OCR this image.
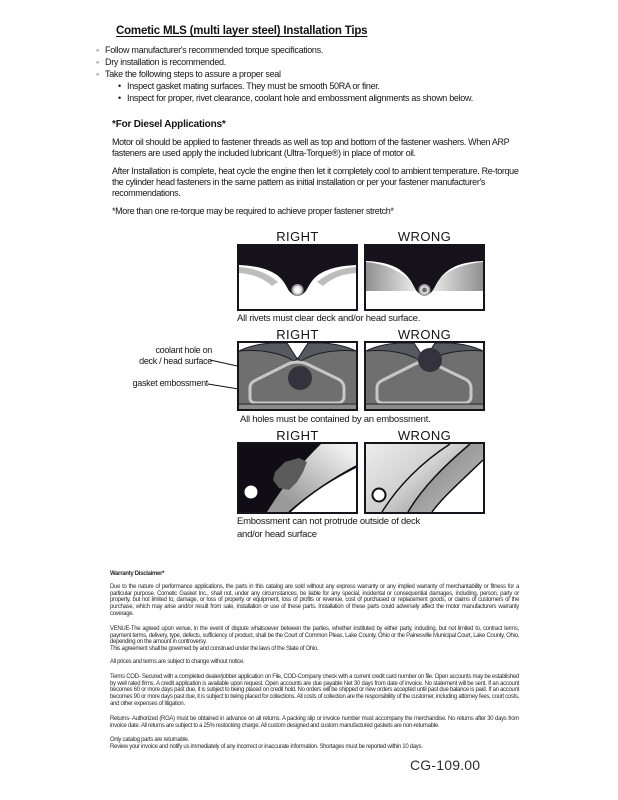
Cometic MLS (multi layer steel) Installation Tips
◦ Follow manufacturer's recommended torque specifications.
◦ Dry installation is recommended.
◦ Take the following steps to assure a proper seal
• Inspect gasket mating surfaces. They must be smooth 50RA or finer.
• Inspect for proper, rivet clearance, coolant hole and embossment alignments as shown below.
*For Diesel Applications*

Motor oil should be applied to fastener threads as well as top and bottom of the fastener washers. When ARP fasteners are used apply the included lubricant (Ultra-Torque®) in place of motor oil.

After Installation is complete, heat cycle the engine then let it completely cool to ambient temperature. Re-torque the cylinder head fasteners in the same pattern as initial installation or per your fastener manufacturer's recommendations.

*More than one re-torque may be required to achieve proper fastener stretch*

RIGHT	WRONG
All rivets must clear deck and/or head surface.
RIGHT	WRONG
coolant hole on
deck / head surface
gasket embossment
All holes must be contained by an embossment.
RIGHT	WRONG
Embossment can not protrude outside of deck
and/or head surface
Warranty Disclaimer*

Due to the nature of performance applications, the parts in this catalog are sold without any express warranty or any implied warranty of merchantability or fitness for a particular purpose. Cometic Gasket Inc., shall not, under any circumstances, be liable for any special, incidental or consequential damages, including, person, party or property, but not limited to, damage, or loss of property or equipment, loss of profits or revenue, cost of purchased or replacement goods, or claims of customers of the purchase, which may arise and/or result from sale, installation or use of these parts. Installation of these parts could adversely affect the motor manufacturers warranty coverage.

VENUE-The agreed upon venue, in the event of dispute whatsoever between the parties, whether instituted by either party, including, but not limited to, contract terms, payment terms, delivery, type, defects, sufficiency of product, shall be the Court of Common Pleas, Lake County, Ohio or the Painesville Municipal Court, Lake County, Ohio, depending on the amount in controversy.

This agreement shall be governed by and construed under the laws of the State of Ohio.

All prices and terms are subject to change without notice.

Terms COD- Secured with a completed dealer/jobber application on File, COD-Company check with a current credit card number on file. Open accounts may be established by well rated firms. A credit application is available upon request. Open accounts are due payable Net 30 days from date of invoice. No statement will be sent. If an account becomes 60 or more days past due, it is subject to being placed on credit hold. No orders will be shipped or new orders accepted until past due balance is paid. If an account becomes 90 or more days past due, it is subject to being placed for collections. All costs of collection are the responsibility of the customer, including attorney fees, court costs, and other expenses of litigation.

Returns- Authorized (RGA) must be obtained in advance on all returns. A packing slip or invoice number must accompany the merchandise. No returns after 30 days from invoice date. All returns are subject to a 25% restocking charge. All custom designed and custom manufactured gaskets are non-returnable.

Only catalog parts are returnable.

Review your invoice and notify us immediately of any incorrect or inaccurate information. Shortages must be reported within 10 days.

CG-109.00
